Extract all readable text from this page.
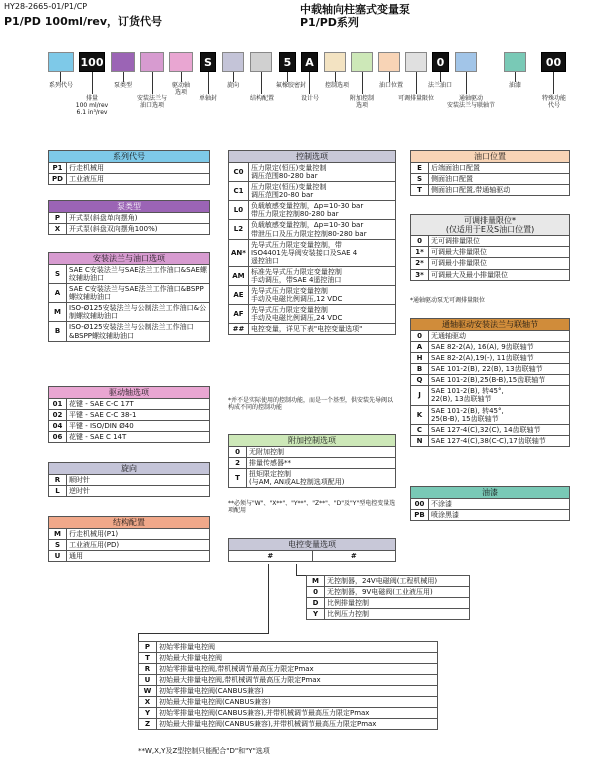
HY28-2665-01/P1/CP
P1/PD 100ml/rev，订货代号
中载轴向柱塞式变量泵
P1/PD系列
100	S	5	A	0	00
系列代号	泵类型	驱动轴
选项
旋向	氟橡胶密封	控制选项	油口位置	法兰油口	油漆
排量
100 ml/rev
6.1 in³/rev
安装法兰与
油口选项
单轴封	结构配置	设计号	附加控制
选项
可调排量限位	通轴驱动
安装法兰与联轴节
特殊功能
代号
系列代号	
P1	行走机械用
PD	工业液压用
泵类型	
P	开式泵(斜盘单向摆角)
X	开式泵(斜盘双向摆角100%)
安装法兰与油口选项	
S	SAE C安装法兰与SAE法兰工作油口&SAE螺纹辅助油口
A	SAE C安装法兰与SAE法兰工作油口&BSPP螺纹辅助油口
M	ISO-Ø125安装法兰与公制法兰工作油口&公制螺纹辅助油口
B	ISO-Ø125安装法兰与公制法兰工作油口&BSPP螺纹辅助油口
驱动轴选项	
01	花键 - SAE C-C 17T
02	平键 - SAE C-C 38-1
04	平键 - ISO/DIN Ø40
06	花键 - SAE C 14T
旋向	
R	顺时针
L	逆时针
结构配置	
M	行走机械用(P1)
S	工业液压用(PD)
U	通用
控制选项	
C0	压力限定(恒压)变量控制
调压范围80-280 bar
C1	压力限定(恒压)变量控制
调压范围20-80 bar
L0	负载敏感变量控制，Δp=10-30 bar
带压力限定控制80-280 bar
L2	负载敏感变量控制，Δp=10-30 bar
带泄压口及压力限定控制80-280 bar
AN*	先导式压力限定变量控制，带
ISO4401先导阀安装接口及SAE 4
遥控油口
AM	标准先导式压力限定变量控制
手动调压，带SAE 4遥控油口
AE	先导式压力限定变量控制
手动及电磁比例调压,12 VDC
AF	先导式压力限定变量控制
手动及电磁比例调压,24 VDC
##	电控变量，详见下表"电控变量选项"
*并不是实际使用的控制功能，而是一个基型，供安装先导阀以构成不同的控制功能
附加控制选项	
0	无附加控制
2	排量传感器**
T	扭矩限定控制
(与AM, AN或AL控制选项配用)
**必须与"W"、"X**"、"Y**"、"Z**"、"D"及"Y"型电控变量选项配用
油口位置	
E	后端面油口配置
S	侧面油口配置
T	侧面油口配置,带通轴驱动
可调排量限位*
(仅适用于E及S油口位置)	
0	无可调排量限位
1*	可调最大排量限位
2*	可调最小排量限位
3*	可调最大及最小排量限位
*通轴驱动泵无可调排量限位
通轴驱动安装法兰与联轴节	
0	无通轴驱动
A	SAE 82-2(A), 16(A), 9齿联轴节
H	SAE 82-2(A),19(-), 11齿联轴节
B	SAE 101-2(B), 22(B), 13齿联轴节
Q	SAE 101-2(B),25(B-B),15齿联轴节
J	SAE 101-2(B), 转45°,
22(B), 13齿联轴节
K	SAE 101-2(B), 转45°,
25(B-B), 15齿联轴节
C	SAE 127-4(C),32(C), 14齿联轴节
N	SAE 127-4(C),38(C-C),17齿联轴节
油漆	
00	不涂漆
PB	喷涂黑漆
电控变量选项
#	#
M	无控制器，24V电磁阀(工程机械用)
0	无控制器，9V电磁阀(工业液压用)
D	比例排量控制
Y	比例压力控制
P	初始零排量电控阀
T	初始最大排量电控阀
R	初始零排量电控阀,带机械调节最高压力限定Pmax
U	初始最大排量电控阀,带机械调节最高压力限定Pmax
W	初始零排量电控阀(CANBUS兼容)
X	初始最大排量电控阀(CANBUS兼容)
Y	初始零排量电控阀(CANBUS兼容),并带机械调节最高压力限定Pmax
Z	初始最大排量电控阀(CANBUS兼容),并带机械调节最高压力限定Pmax
**W,X,Y及Z型控制只能配合"D"和"Y"选项
